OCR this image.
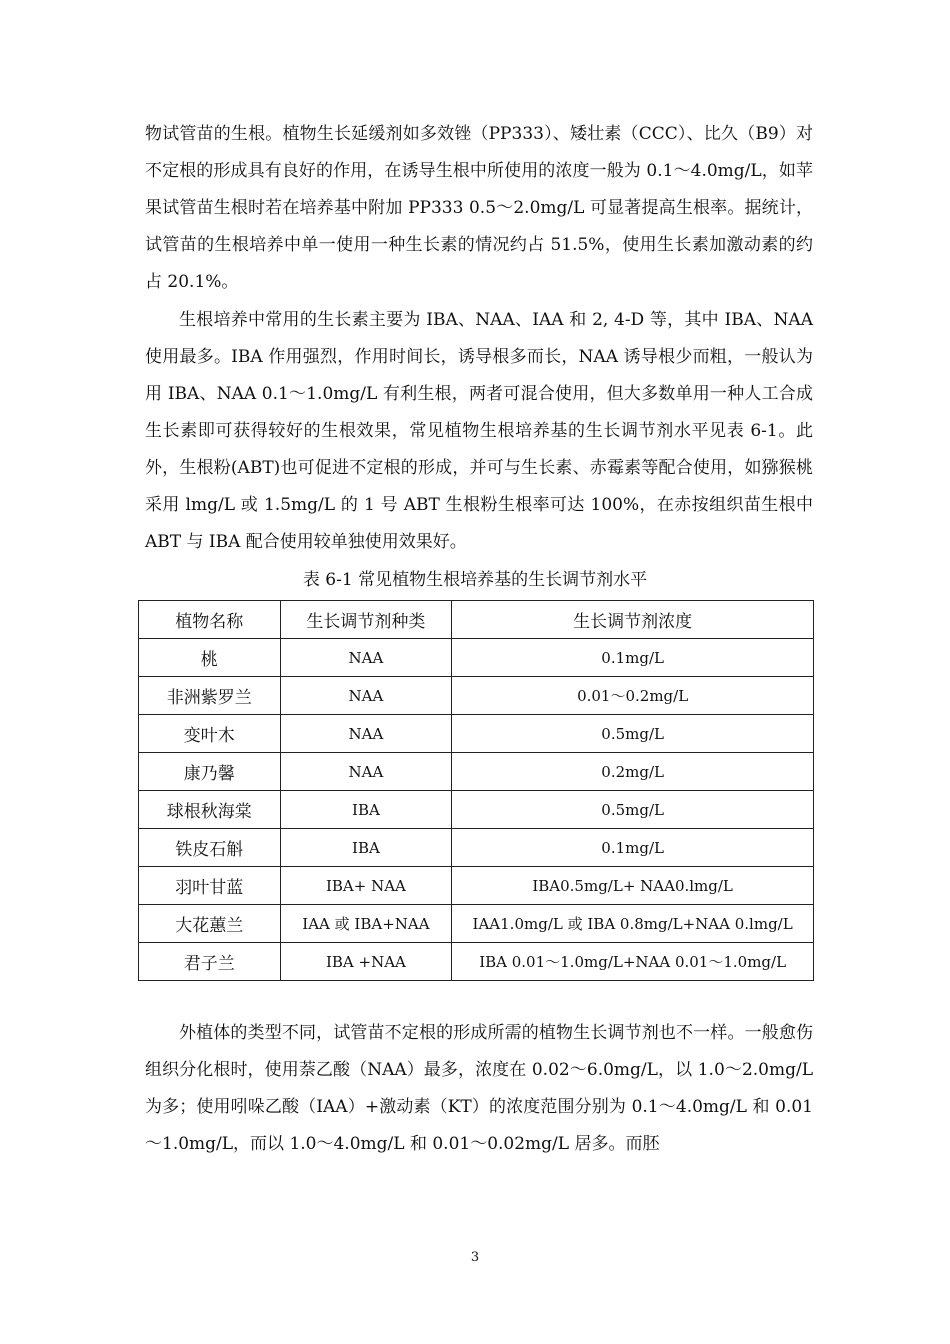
物试管苗的生根。植物生长延缓剂如多效锉（PP333）、矮壮素（CCC）、比久（B9）对不定根的形成具有良好的作用，在诱导生根中所使用的浓度一般为 0.1～4.0mg/L，如苹果试管苗生根时若在培养基中附加 PP333 0.5～2.0mg/L 可显著提高生根率。据统计，试管苗的生根培养中单一使用一种生长素的情况约占 51.5%，使用生长素加激动素的约占 20.1%。

生根培养中常用的生长素主要为 IBA、NAA、IAA 和 2, 4-D 等，其中 IBA、NAA 使用最多。IBA 作用强烈，作用时间长，诱导根多而长，NAA 诱导根少而粗，一般认为用 IBA、NAA 0.1～1.0mg/L 有利生根，两者可混合使用，但大多数单用一种人工合成生长素即可获得较好的生根效果，常见植物生根培养基的生长调节剂水平见表 6-1。此外，生根粉(ABT)也可促进不定根的形成，并可与生长素、赤霉素等配合使用，如猕猴桃采用 lmg/L 或 1.5mg/L 的 1 号 ABT 生根粉生根率可达 100%，在赤按组织苗生根中 ABT 与 IBA 配合使用较单独使用效果好。

表 6-1 常见植物生根培养基的生长调节剂水平
植物名称	生长调节剂种类	生长调节剂浓度
桃	NAA	0.1mg/L
非洲紫罗兰	NAA	0.01～0.2mg/L
变叶木	NAA	0.5mg/L
康乃馨	NAA	0.2mg/L
球根秋海棠	IBA	0.5mg/L
铁皮石斛	IBA	0.1mg/L
羽叶甘蓝	IBA+ NAA	IBA0.5mg/L+ NAA0.lmg/L
大花蕙兰	IAA 或 IBA+NAA	IAA1.0mg/L 或 IBA 0.8mg/L+NAA 0.lmg/L
君子兰	IBA +NAA	IBA 0.01～1.0mg/L+NAA 0.01～1.0mg/L

外植体的类型不同，试管苗不定根的形成所需的植物生长调节剂也不一样。一般愈伤组织分化根时，使用萘乙酸（NAA）最多，浓度在 0.02～6.0mg/L，以 1.0～2.0mg/L 为多；使用吲哚乙酸（IAA）+激动素（KT）的浓度范围分别为 0.1～4.0mg/L 和 0.01～1.0mg/L，而以 1.0～4.0mg/L 和 0.01～0.02mg/L 居多。而胚

3
